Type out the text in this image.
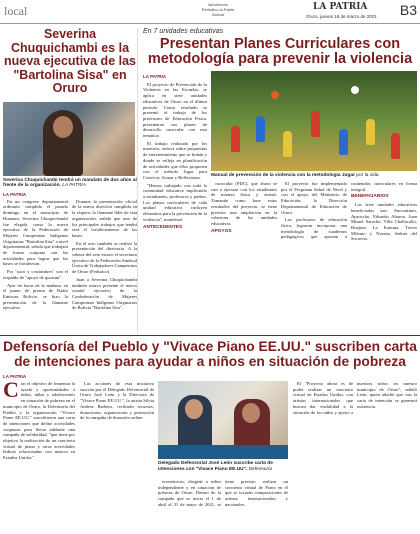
local	Vanotrecho
Periódico la Patria Bolivia
LA PATRIA
Oruro, jueves 18 de marzo de 2021 B3
Severina Chuquichambi es la nueva ejecutiva de las "Bartolina Sisa" en Oruro
Severina Chuquichambi tendrá un mandato de dos años al frente de la organización. LA PATRIA
LA PATRIA

En un congreso departamental ordinario cumplido el pasado domingo en el municipio de Huanuni, Severina Chuquichambi fue elegida como la nueva ejecutiva de la Federación de Mujeres Campesinas Indígenas Originarias "Bartolina Sisa" a nivel departamental, señala que trabajará de forma conjunta con las actividades para lograr que las bases se fortalezcan.

Por "usos y costumbres" con el respaldo de "apoyo de quorum".

Ayer en horas de la mañana, en el punto de prensa de Radio Emisora Bolivia, se hizo la presentación de la flamante ejecutiva.

Durante la presentación oficial de la nueva directiva cumplida en la víspera, la flamante líder de esta organización, señaló que uno de los principales trabajos que tendrá será el fortalecimiento de las bases.

En el acto también se realizó la presentación del directorio. A la cabeza del acto estuvo el secretario ejecutivo de la Federación Sindical Única de Trabajadores Campesinos de Oruro (Fedsutco).

Juan a Severina Chuquichambi también estuvo presente el nuevo comité ejecutivo de la Confederación de Mujeres Campesinas Indígenas Originarias de Bolivia "Bartolina Sisa".

En 7 unidades educativas
Presentan Planes Curriculares con metodología para prevenir la violencia
LA PATRIA

El proyecto de Prevención de la Violencia en las Escuelas, se aplica en siete unidades educativas de Oruro en el último periodo. Como resultado se presentó el trabajo de los profesores de Educación Física, presentaron sus planes de desarrollo curricular con esta temática.

El trabajo realizado por los maestros, enfoca sobre propuestas de entretenimiento que se brinda y donde se refleja en planificación de actividades que ellos proponen con el método Jugar para Convivir, Actuar y Reflexionar.

"Hemos trabajado con toda la comunidad educativa implicando a estudiantes, profesores y padres. Los planes curriculares de cada unidad educativa incluyen elementos para la prevención de la violencia", manifestó.

ANTECEDENTES
Manual de prevención de la violencia con la metodología Jugar por la vida.

curricular (PDC), que ahora se van a ejecutar con los estudiantes de manera física y virtual. Tomando como base estos resultados del proyecto, se tiene previsto una ampliación en la cobertura de las unidades educativas.

APOYOS

El proyecto fue implementado por el Programa Salud de Nivel y con el apoyo del Ministerio de Educación, la Dirección Departamental de Educación de Oruro.

Los profesores de educación física, lograron incorporar una metodología de cuadernos pedagógicos que aportan a contenidos curriculares en forma integral.

BENEFICIARIOS

Las siete unidades educativas beneficiadas son: Ancoraimes, Ayacucho, Eduardo Abaroa, Juan Misael Saracho, Villa Challacollo, Huajara, La Kantuta, Tercer Milenio y Nuestra Señora del Socavón.

Defensoría del Pueblo y "Vivace Piano EE.UU." suscriben carta de intenciones para ayudar a niños en situación de pobreza
LA PATRIA
C on el objetivo de fomentar la ayuda y oportunidades a niños, niñas y adolescentes en situación de pobreza en el municipio de Oruro, la Defensoría del Pueblo y la organización "Vivace Piano EE.UU." suscribieron una carta de intenciones que define actividades conjuntas para llevar adelante una campaña de solidaridad, "que tiene por objetivo la realización de un concierto virtual de piano y otras actividades lúdicas relacionadas con música en Estados Unidos".

Las acciones de esta iniciativa suscrita por el Delegado Defensorial de Oruro José León y la Directora de "Vivace Piano EE.UU.", la artista Silvia Andrea Barbero, recibirán recursos, donaciones, organización y promoción de la campaña de donación online.

Delegado Defensorial José León suscribe carta de intenciones con "Vivace Piano EE.UU". Defensoría

económicos, dirigida a niños independiente y en situación de pobreza de Oruro. Dentro de la campaña que se inicia el 1 de abril al 31 de mayo de 2021, se tiene previsto realizar un concierto virtual de Piano en el que se tocarán composiciones de artistas internacionales y nacionales.

El "Proyecto ahora es de poder realizar un concierto virtual en Estados Unidos, con artistas internacionales que buscan dar visibilidad a la situación de los niños y apoyo a nuestros niños en nuestro municipio de Oruro", señaló León, quien añadió que con la carta de intención se generará asistencia.
